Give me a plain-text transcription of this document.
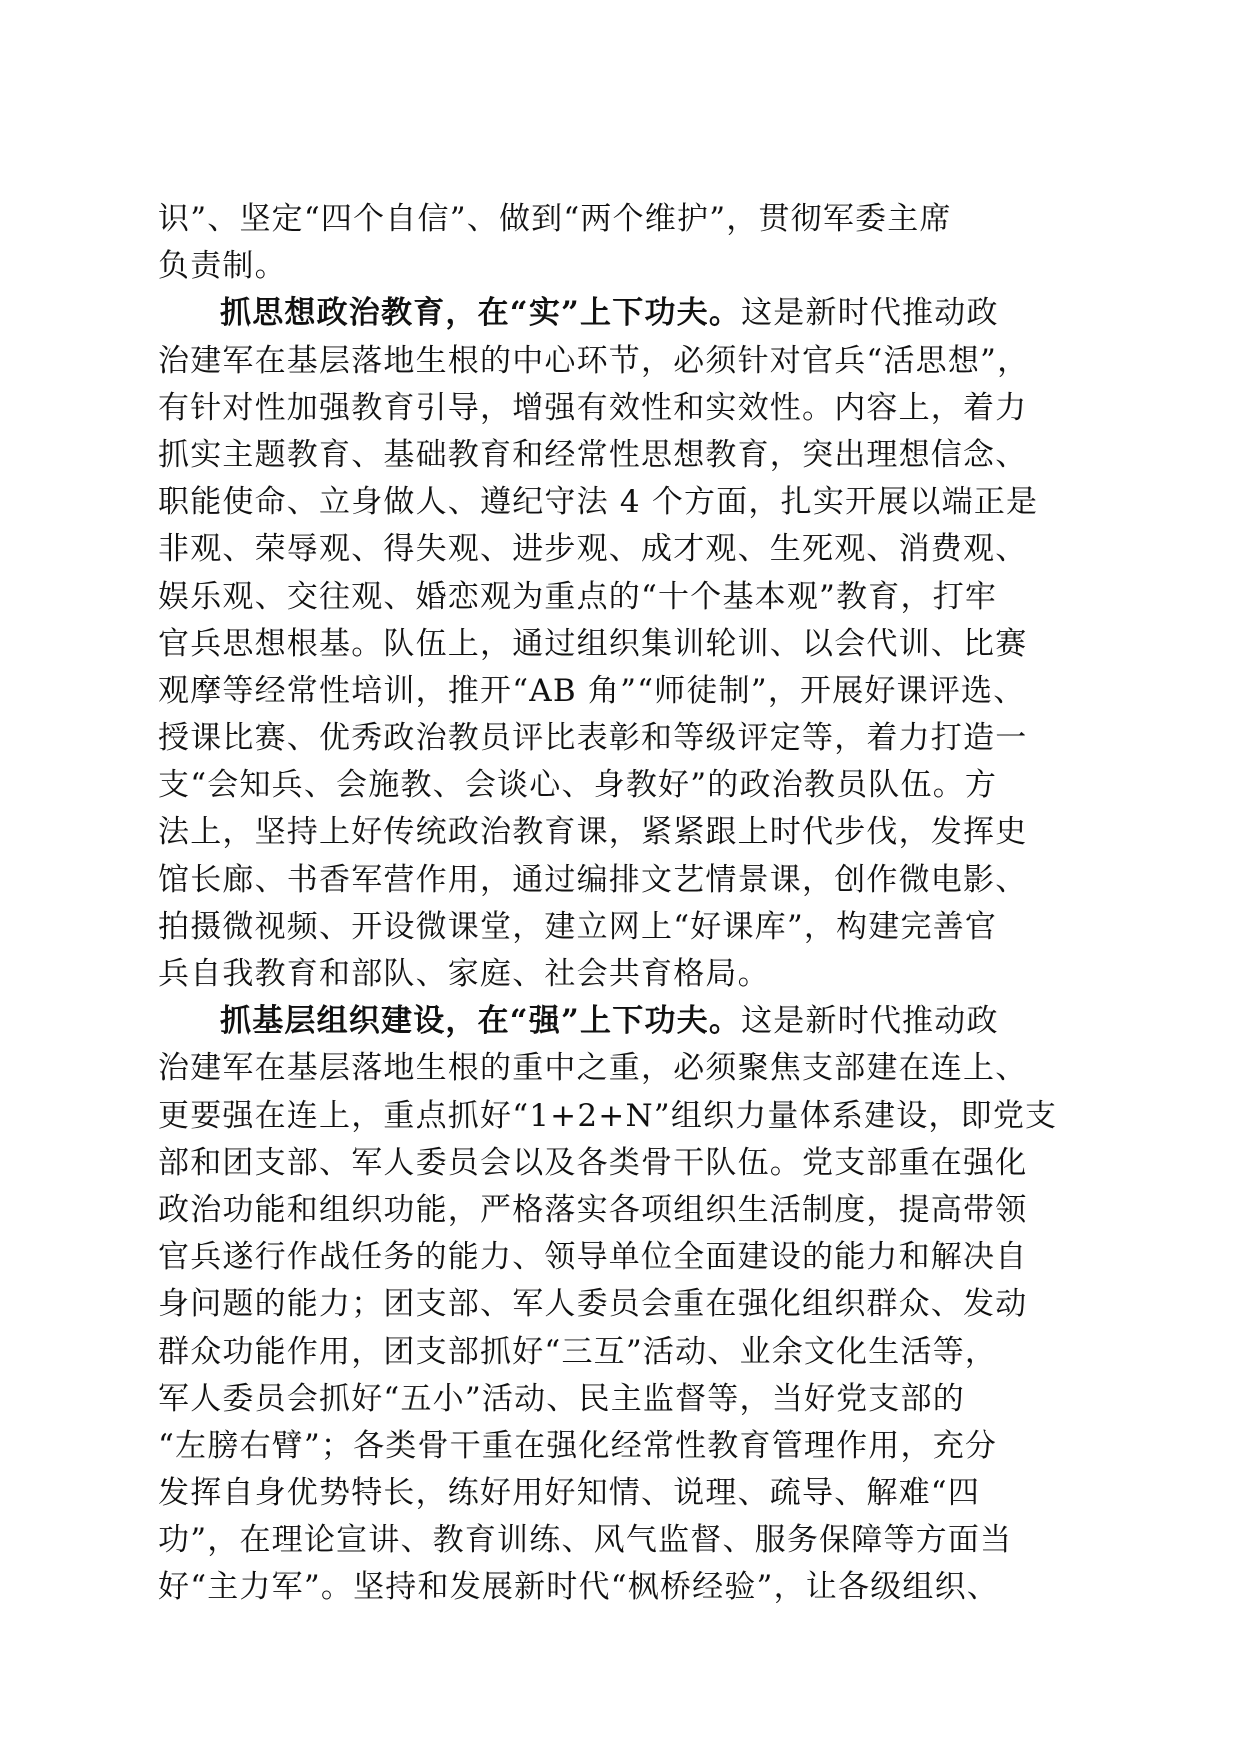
识”、坚定“四个自信”、做到“两个维护”，贯彻军委主席
负责制。
抓思想政治教育，在“实”上下功夫。这是新时代推动政
治建军在基层落地生根的中心环节，必须针对官兵“活思想”，
有针对性加强教育引导，增强有效性和实效性。内容上，着力
抓实主题教育、基础教育和经常性思想教育，突出理想信念、
职能使命、立身做人、遵纪守法 4 个方面，扎实开展以端正是
非观、荣辱观、得失观、进步观、成才观、生死观、消费观、
娱乐观、交往观、婚恋观为重点的“十个基本观”教育，打牢
官兵思想根基。队伍上，通过组织集训轮训、以会代训、比赛
观摩等经常性培训，推开“AB 角”“师徒制”，开展好课评选、
授课比赛、优秀政治教员评比表彰和等级评定等，着力打造一
支“会知兵、会施教、会谈心、身教好”的政治教员队伍。方
法上，坚持上好传统政治教育课，紧紧跟上时代步伐，发挥史
馆长廊、书香军营作用，通过编排文艺情景课，创作微电影、
拍摄微视频、开设微课堂，建立网上“好课库”，构建完善官
兵自我教育和部队、家庭、社会共育格局。
抓基层组织建设，在“强”上下功夫。这是新时代推动政
治建军在基层落地生根的重中之重，必须聚焦支部建在连上、
更要强在连上，重点抓好“1+2+N”组织力量体系建设，即党支
部和团支部、军人委员会以及各类骨干队伍。党支部重在强化
政治功能和组织功能，严格落实各项组织生活制度，提高带领
官兵遂行作战任务的能力、领导单位全面建设的能力和解决自
身问题的能力；团支部、军人委员会重在强化组织群众、发动
群众功能作用，团支部抓好“三互”活动、业余文化生活等，
军人委员会抓好“五小”活动、民主监督等，当好党支部的
“左膀右臂”；各类骨干重在强化经常性教育管理作用，充分
发挥自身优势特长，练好用好知情、说理、疏导、解难“四
功”，在理论宣讲、教育训练、风气监督、服务保障等方面当
好“主力军”。坚持和发展新时代“枫桥经验”，让各级组织、
